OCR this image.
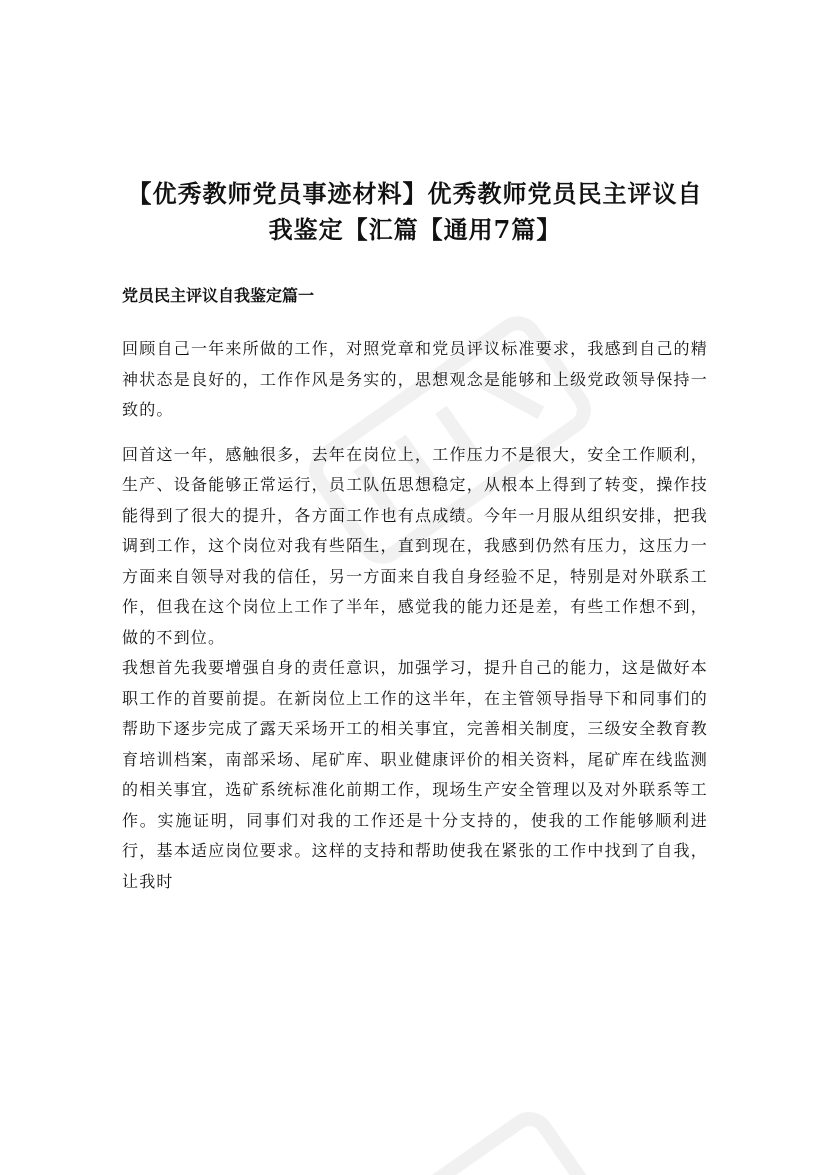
【优秀教师党员事迹材料】优秀教师党员民主评议自我鉴定【汇篇【通用7篇】
党员民主评议自我鉴定篇一

回顾自己一年来所做的工作，对照党章和党员评议标准要求，我感到自己的精神状态是良好的，工作作风是务实的，思想观念是能够和上级党政领导保持一致的。

回首这一年，感触很多，去年在岗位上，工作压力不是很大，安全工作顺利，生产、设备能够正常运行，员工队伍思想稳定，从根本上得到了转变，操作技能得到了很大的提升，各方面工作也有点成绩。今年一月服从组织安排，把我调到工作，这个岗位对我有些陌生，直到现在，我感到仍然有压力，这压力一方面来自领导对我的信任，另一方面来自我自身经验不足，特别是对外联系工作，但我在这个岗位上工作了半年，感觉我的能力还是差，有些工作想不到，做的不到位。

我想首先我要增强自身的责任意识，加强学习，提升自己的能力，这是做好本职工作的首要前提。在新岗位上工作的这半年，在主管领导指导下和同事们的帮助下逐步完成了露天采场开工的相关事宜，完善相关制度，三级安全教育教育培训档案，南部采场、尾矿库、职业健康评价的相关资料，尾矿库在线监测的相关事宜，选矿系统标准化前期工作，现场生产安全管理以及对外联系等工作。实施证明，同事们对我的工作还是十分支持的，使我的工作能够顺利进行，基本适应岗位要求。这样的支持和帮助使我在紧张的工作中找到了自我，让我时
